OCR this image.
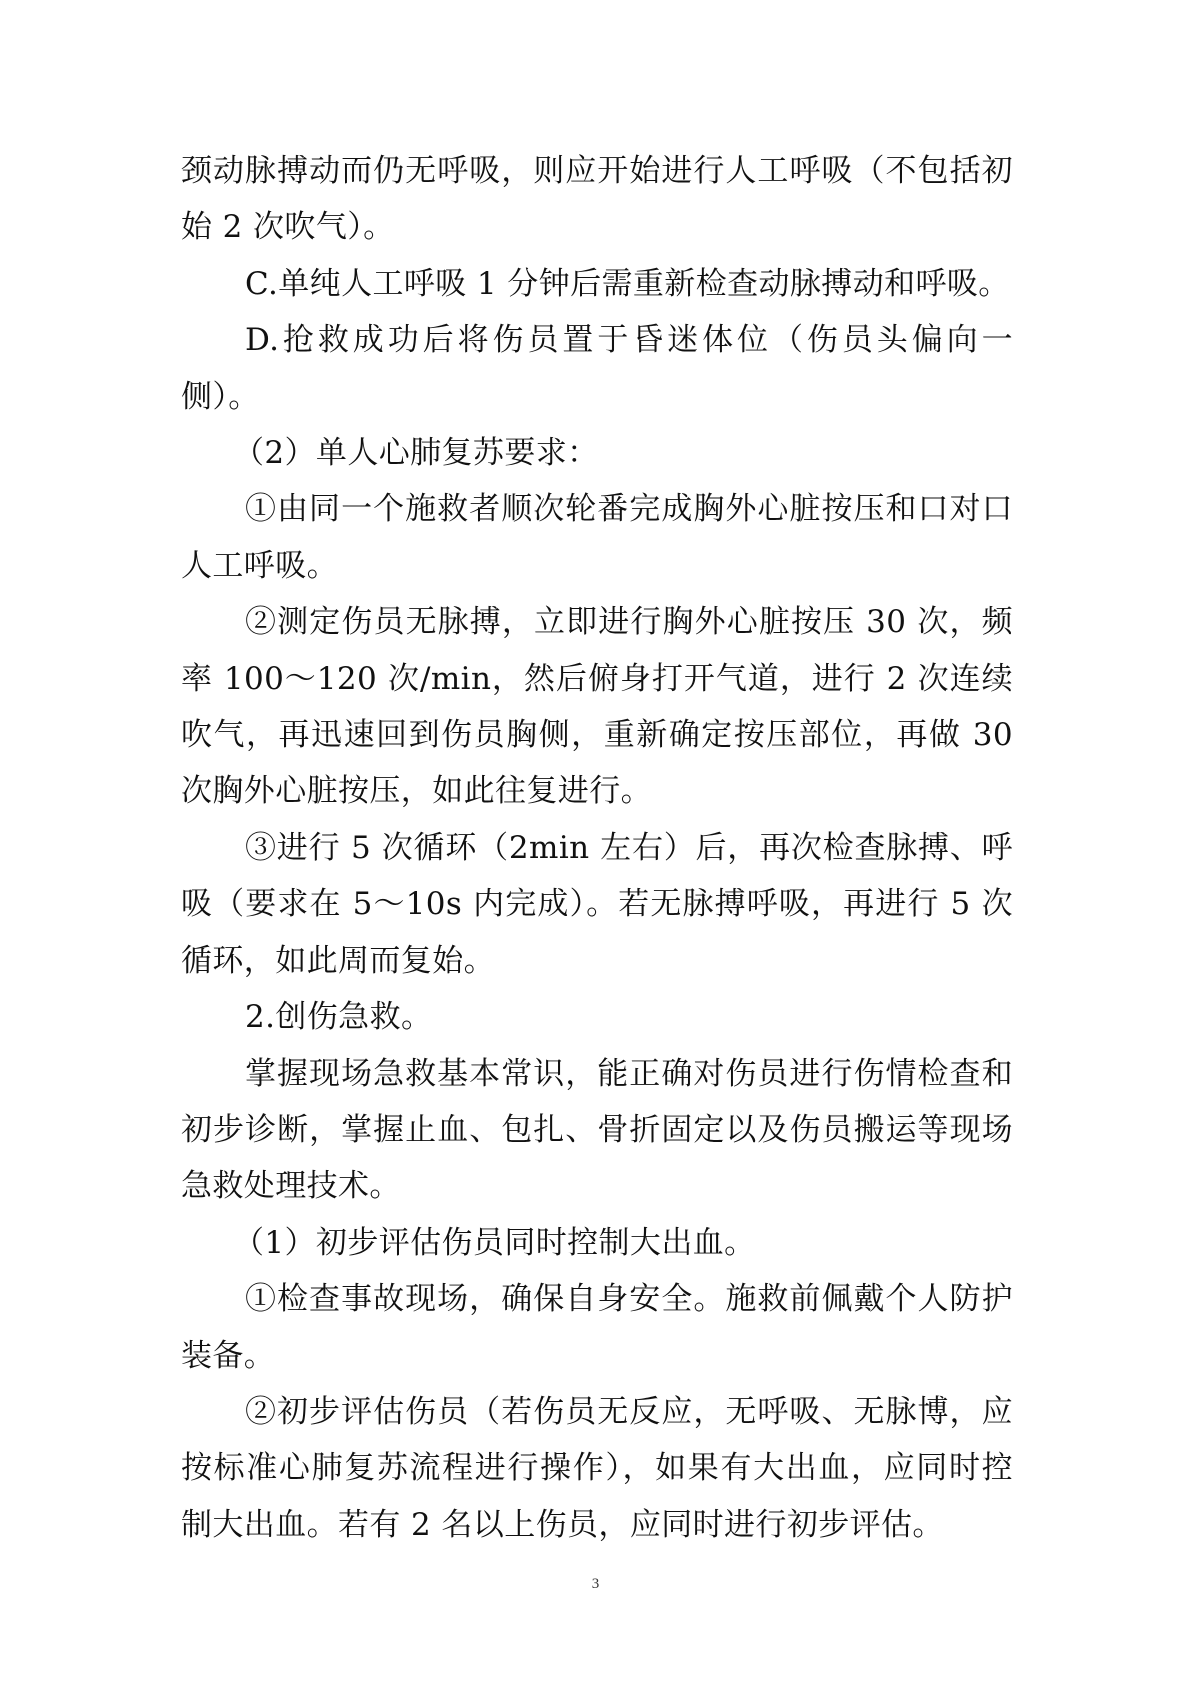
颈动脉搏动而仍无呼吸，则应开始进行人工呼吸（不包括初始 2 次吹气）。

C.单纯人工呼吸 1 分钟后需重新检查动脉搏动和呼吸。

D.抢救成功后将伤员置于昏迷体位（伤员头偏向一侧）。

（2）单人心肺复苏要求：

①由同一个施救者顺次轮番完成胸外心脏按压和口对口人工呼吸。

②测定伤员无脉搏，立即进行胸外心脏按压 30 次，频率 100～120 次/min，然后俯身打开气道，进行 2 次连续吹气，再迅速回到伤员胸侧，重新确定按压部位，再做 30 次胸外心脏按压，如此往复进行。

③进行 5 次循环（2min 左右）后，再次检查脉搏、呼吸（要求在 5～10s 内完成）。若无脉搏呼吸，再进行 5 次循环，如此周而复始。

2.创伤急救。

掌握现场急救基本常识，能正确对伤员进行伤情检查和初步诊断，掌握止血、包扎、骨折固定以及伤员搬运等现场急救处理技术。

（1）初步评估伤员同时控制大出血。

①检查事故现场，确保自身安全。施救前佩戴个人防护装备。

②初步评估伤员（若伤员无反应，无呼吸、无脉博，应按标准心肺复苏流程进行操作），如果有大出血，应同时控制大出血。若有 2 名以上伤员，应同时进行初步评估。

3
